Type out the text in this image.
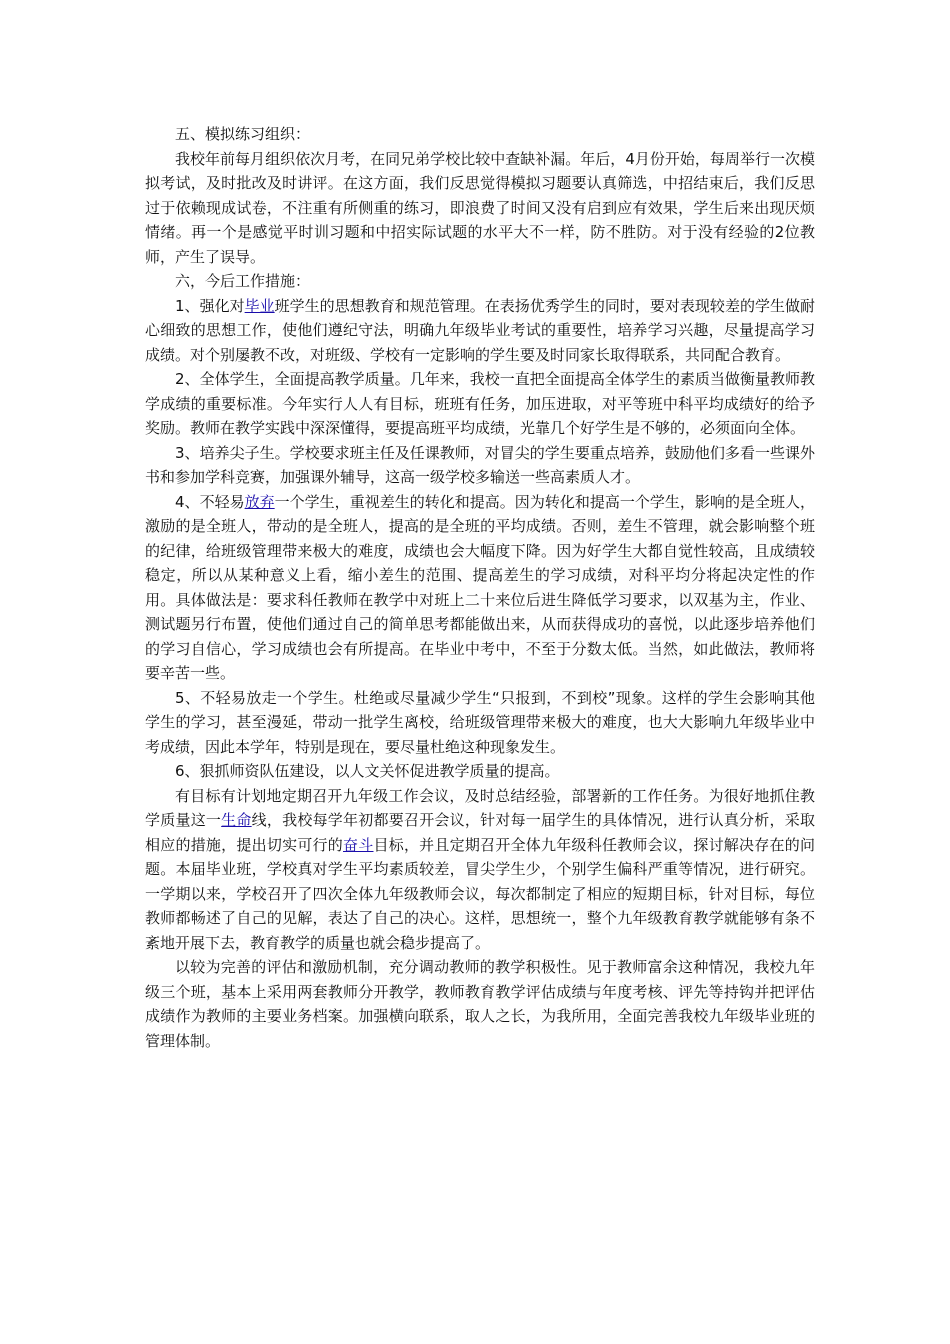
五、模拟练习组织：

我校年前每月组织依次月考，在同兄弟学校比较中查缺补漏。年后，4月份开始，每周举行一次模拟考试，及时批改及时讲评。在这方面，我们反思觉得模拟习题要认真筛选，中招结束后，我们反思过于依赖现成试卷，不注重有所侧重的练习，即浪费了时间又没有启到应有效果，学生后来出现厌烦情绪。再一个是感觉平时训习题和中招实际试题的水平大不一样，防不胜防。对于没有经验的2位教师，产生了误导。

六，今后工作措施：

1、强化对毕业班学生的思想教育和规范管理。在表扬优秀学生的同时，要对表现较差的学生做耐心细致的思想工作，使他们遵纪守法，明确九年级毕业考试的重要性，培养学习兴趣，尽量提高学习成绩。对个别屡教不改，对班级、学校有一定影响的学生要及时同家长取得联系，共同配合教育。

2、全体学生，全面提高教学质量。几年来，我校一直把全面提高全体学生的素质当做衡量教师教学成绩的重要标准。今年实行人人有目标，班班有任务，加压进取，对平等班中科平均成绩好的给予奖励。教师在教学实践中深深懂得，要提高班平均成绩，光靠几个好学生是不够的，必须面向全体。

3、培养尖子生。学校要求班主任及任课教师，对冒尖的学生要重点培养，鼓励他们多看一些课外书和参加学科竞赛，加强课外辅导，这高一级学校多输送一些高素质人才。

4、不轻易放弃一个学生，重视差生的转化和提高。因为转化和提高一个学生，影响的是全班人，激励的是全班人，带动的是全班人，提高的是全班的平均成绩。否则，差生不管理，就会影响整个班的纪律，给班级管理带来极大的难度，成绩也会大幅度下降。因为好学生大都自觉性较高，且成绩较稳定，所以从某种意义上看，缩小差生的范围、提高差生的学习成绩，对科平均分将起决定性的作用。具体做法是：要求科任教师在教学中对班上二十来位后进生降低学习要求，以双基为主，作业、测试题另行布置，使他们通过自己的简单思考都能做出来，从而获得成功的喜悦，以此逐步培养他们的学习自信心，学习成绩也会有所提高。在毕业中考中，不至于分数太低。当然，如此做法，教师将要辛苦一些。

5、不轻易放走一个学生。杜绝或尽量减少学生“只报到，不到校”现象。这样的学生会影响其他学生的学习，甚至漫延，带动一批学生离校，给班级管理带来极大的难度，也大大影响九年级毕业中考成绩，因此本学年，特别是现在，要尽量杜绝这种现象发生。

6、狠抓师资队伍建设，以人文关怀促进教学质量的提高。

有目标有计划地定期召开九年级工作会议，及时总结经验，部署新的工作任务。为很好地抓住教学质量这一生命线，我校每学年初都要召开会议，针对每一届学生的具体情况，进行认真分析，采取相应的措施，提出切实可行的奋斗目标，并且定期召开全体九年级科任教师会议，探讨解决存在的问题。本届毕业班，学校真对学生平均素质较差，冒尖学生少，个别学生偏科严重等情况，进行研究。一学期以来，学校召开了四次全体九年级教师会议，每次都制定了相应的短期目标，针对目标，每位教师都畅述了自己的见解，表达了自己的决心。这样，思想统一，整个九年级教育教学就能够有条不紊地开展下去，教育教学的质量也就会稳步提高了。

以较为完善的评估和激励机制，充分调动教师的教学积极性。见于教师富余这种情况，我校九年级三个班，基本上采用两套教师分开教学，教师教育教学评估成绩与年度考核、评先等持钩并把评估成绩作为教师的主要业务档案。加强横向联系，取人之长，为我所用，全面完善我校九年级毕业班的管理体制。
